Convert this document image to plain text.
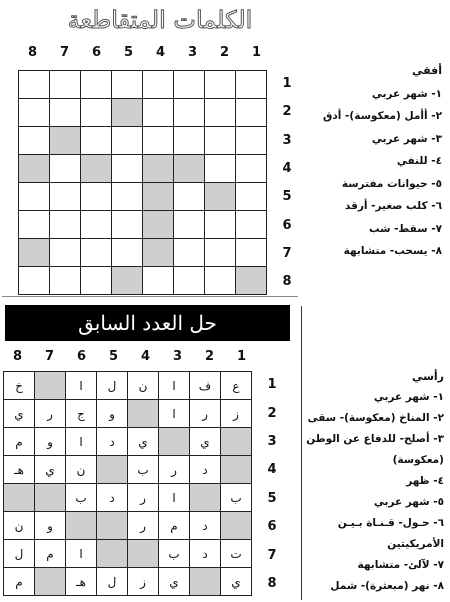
الكلمات المتقاطعة
8	7	6	5	4	3	2	1

1
2
3
4
5
6
7
8
أفقي
١- شهر عربي
٢- أأمل (معكوسة)- أدق
٣- شهر عربي
٤- للنفي
٥- حيوانات مفترسة
٦- كلب صغير- أرقد
٧- سقط- شب
٨- يسحب- متشابهة
حل العدد السابق
8	7	6	5	4	3	2	1
خ		ا	ل	ن	ا	ف	ع
ي	ر	ج	و		ا	ر	ز
م	و	ا	د	ي		ي	
هـ	ي	ن		ب	ر	د	
		ب	د	ر	ا		ب
ن	و			ر	م	د	
ل	م	ا			ب	د	ت
م		هـ	ل	ز	ي		ي
1
2
3
4
5
6
7
8
رأسي
١- شهر عربي
٢- المناخ (معكوسة)- سقى
٣- أصلح- للدفاع عن الوطن
(معكوسة)
٤- ظهر
٥- شهر عربي
٦- حـول- قـنـاة بـيـن
الأمريكيتين
٧- لآلئ- متشابهة
٨- نهر (مبعثرة)- شمل
